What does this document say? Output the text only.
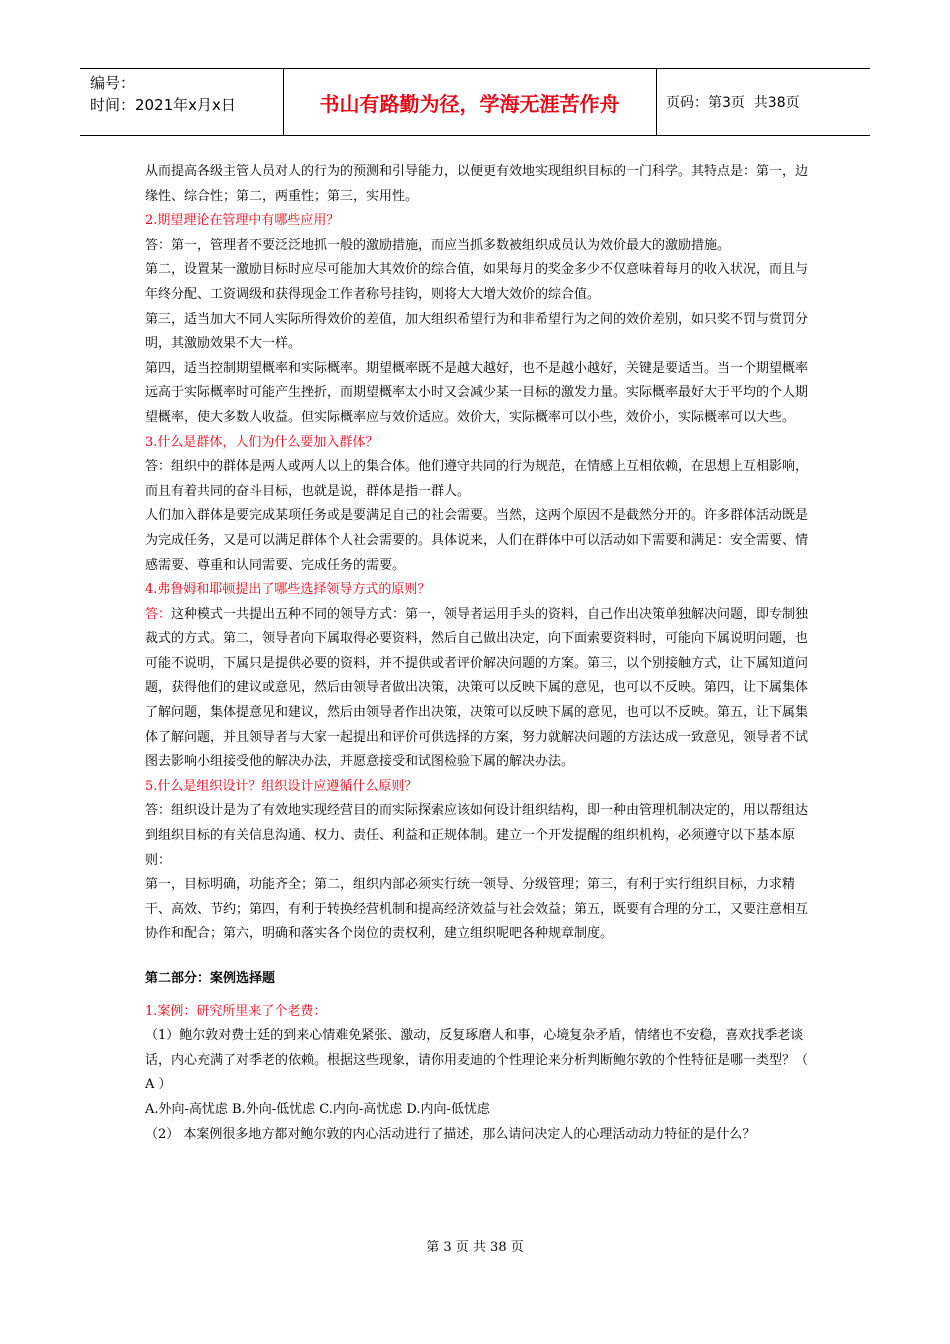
编号：
时间：2021年x月x日	书山有路勤为径，学海无涯苦作舟	页码：第3页  共38页

从而提高各级主管人员对人的行为的预测和引导能力，以便更有效地实现组织目标的一门科学。其特点是：第一，边缘性、综合性；第二，两重性；第三，实用性。

2.期望理论在管理中有哪些应用？

答：第一，管理者不要泛泛地抓一般的激励措施，而应当抓多数被组织成员认为效价最大的激励措施。

第二，设置某一激励目标时应尽可能加大其效价的综合值，如果每月的奖金多少不仅意味着每月的收入状况，而且与年终分配、工资调级和获得现金工作者称号挂钩，则将大大增大效价的综合值。

第三，适当加大不同人实际所得效价的差值，加大组织希望行为和非希望行为之间的效价差别，如只奖不罚与赏罚分明，其激励效果不大一样。

第四，适当控制期望概率和实际概率。期望概率既不是越大越好，也不是越小越好，关键是要适当。当一个期望概率远高于实际概率时可能产生挫折，而期望概率太小时又会减少某一目标的激发力量。实际概率最好大于平均的个人期望概率，使大多数人收益。但实际概率应与效价适应。效价大，实际概率可以小些，效价小，实际概率可以大些。

3.什么是群体，人们为什么要加入群体？

答：组织中的群体是两人或两人以上的集合体。他们遵守共同的行为规范，在情感上互相依赖，在思想上互相影响，而且有着共同的奋斗目标，也就是说，群体是指一群人。

人们加入群体是要完成某项任务或是要满足自己的社会需要。当然，这两个原因不是截然分开的。许多群体活动既是为完成任务，又是可以满足群体个人社会需要的。具体说来，人们在群体中可以活动如下需要和满足：安全需要、情感需要、尊重和认同需要、完成任务的需要。

4.弗鲁姆和耶顿提出了哪些选择领导方式的原则？

答：这种模式一共提出五种不同的领导方式：第一，领导者运用手头的资料，自己作出决策单独解决问题，即专制独裁式的方式。第二，领导者向下属取得必要资料，然后自己做出决定，向下面索要资料时，可能向下属说明问题，也可能不说明，下属只是提供必要的资料，并不提供或者评价解决问题的方案。第三，以个别接触方式，让下属知道问题，获得他们的建议或意见，然后由领导者做出决策，决策可以反映下属的意见，也可以不反映。第四，让下属集体了解问题，集体提意见和建议，然后由领导者作出决策，决策可以反映下属的意见，也可以不反映。第五，让下属集体了解问题，并且领导者与大家一起提出和评价可供选择的方案，努力就解决问题的方法达成一致意见，领导者不试图去影响小组接受他的解决办法，并愿意接受和试图检验下属的解决办法。

5.什么是组织设计？组织设计应遵循什么原则？

答：组织设计是为了有效地实现经营目的而实际探索应该如何设计组织结构，即一种由管理机制决定的，用以帮组达到组织目标的有关信息沟通、权力、责任、利益和正规体制。建立一个开发提醒的组织机构，必须遵守以下基本原则：

第一，目标明确，功能齐全；第二，组织内部必须实行统一领导、分级管理；第三，有利于实行组织目标，力求精干、高效、节约；第四，有利于转换经营机制和提高经济效益与社会效益；第五，既要有合理的分工，又要注意相互协作和配合；第六，明确和落实各个岗位的责权利，建立组织呢吧各种规章制度。

第二部分：案例选择题

1.案例：研究所里来了个老费：

（1）鲍尔敦对费士廷的到来心情难免紧张、激动，反复琢磨人和事，心境复杂矛盾，情绪也不安稳，喜欢找季老谈话，内心充满了对季老的依赖。根据这些现象，请你用麦迪的个性理论来分析判断鲍尔敦的个性特征是哪一类型？（ A ）

A.外向-高忧虑 B.外向-低忧虑 C.内向-高忧虑 D.内向-低忧虑

（2） 本案例很多地方都对鲍尔敦的内心活动进行了描述，那么请问决定人的心理活动动力特征的是什么？

第 3 页 共 38 页
